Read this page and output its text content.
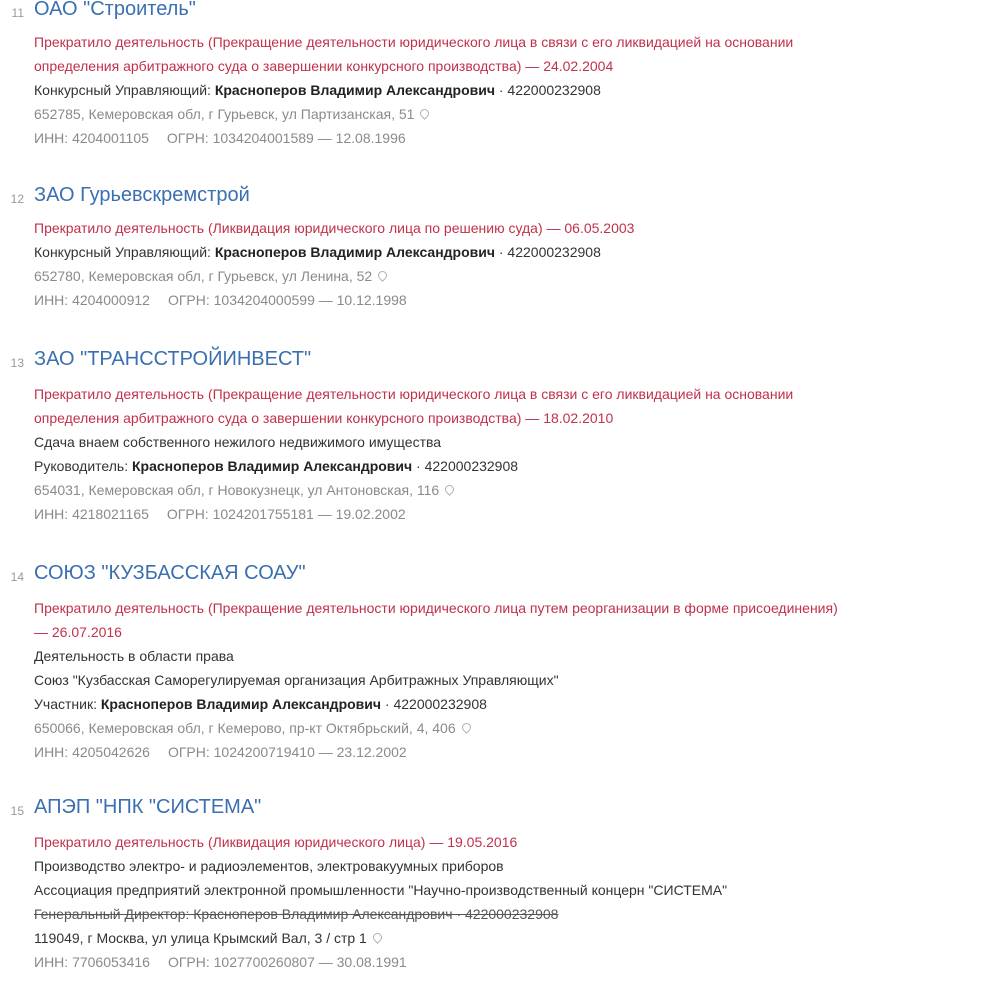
11 ОАО "Строитель"
Прекратило деятельность (Прекращение деятельности юридического лица в связи с его ликвидацией на основании
определения арбитражного суда о завершении конкурсного производства) — 24.02.2004
Конкурсный Управляющий: Красноперов Владимир Александрович · 422000232908
652785, Кемеровская обл, г Гурьевск, ул Партизанская, 51
ИНН: 4204001105 ОГРН: 1034204001589 — 12.08.1996
12 ЗАО Гурьевскремстрой
Прекратило деятельность (Ликвидация юридического лица по решению суда) — 06.05.2003
Конкурсный Управляющий: Красноперов Владимир Александрович · 422000232908
652780, Кемеровская обл, г Гурьевск, ул Ленина, 52
ИНН: 4204000912 ОГРН: 1034204000599 — 10.12.1998
13 ЗАО "ТРАНССТРОЙИНВЕСТ"
Прекратило деятельность (Прекращение деятельности юридического лица в связи с его ликвидацией на основании
определения арбитражного суда о завершении конкурсного производства) — 18.02.2010
Сдача внаем собственного нежилого недвижимого имущества
Руководитель: Красноперов Владимир Александрович · 422000232908
654031, Кемеровская обл, г Новокузнецк, ул Антоновская, 116
ИНН: 4218021165 ОГРН: 1024201755181 — 19.02.2002
14 СОЮЗ "КУЗБАССКАЯ СОАУ"
Прекратило деятельность (Прекращение деятельности юридического лица путем реорганизации в форме присоединения)
— 26.07.2016
Деятельность в области права
Союз "Кузбасская Саморегулируемая организация Арбитражных Управляющих"
Участник: Красноперов Владимир Александрович · 422000232908
650066, Кемеровская обл, г Кемерово, пр-кт Октябрьский, 4, 406
ИНН: 4205042626 ОГРН: 1024200719410 — 23.12.2002
15 АПЭП "НПК "СИСТЕМА"
Прекратило деятельность (Ликвидация юридического лица) — 19.05.2016
Производство электро- и радиоэлементов, электровакуумных приборов
Ассоциация предприятий электронной промышленности "Научно-производственный концерн "СИСТЕМА"
Генеральный Директор: Красноперов Владимир Александрович · 422000232908
119049, г Москва, ул улица Крымский Вал, 3 / стр 1
ИНН: 7706053416 ОГРН: 1027700260807 — 30.08.1991
